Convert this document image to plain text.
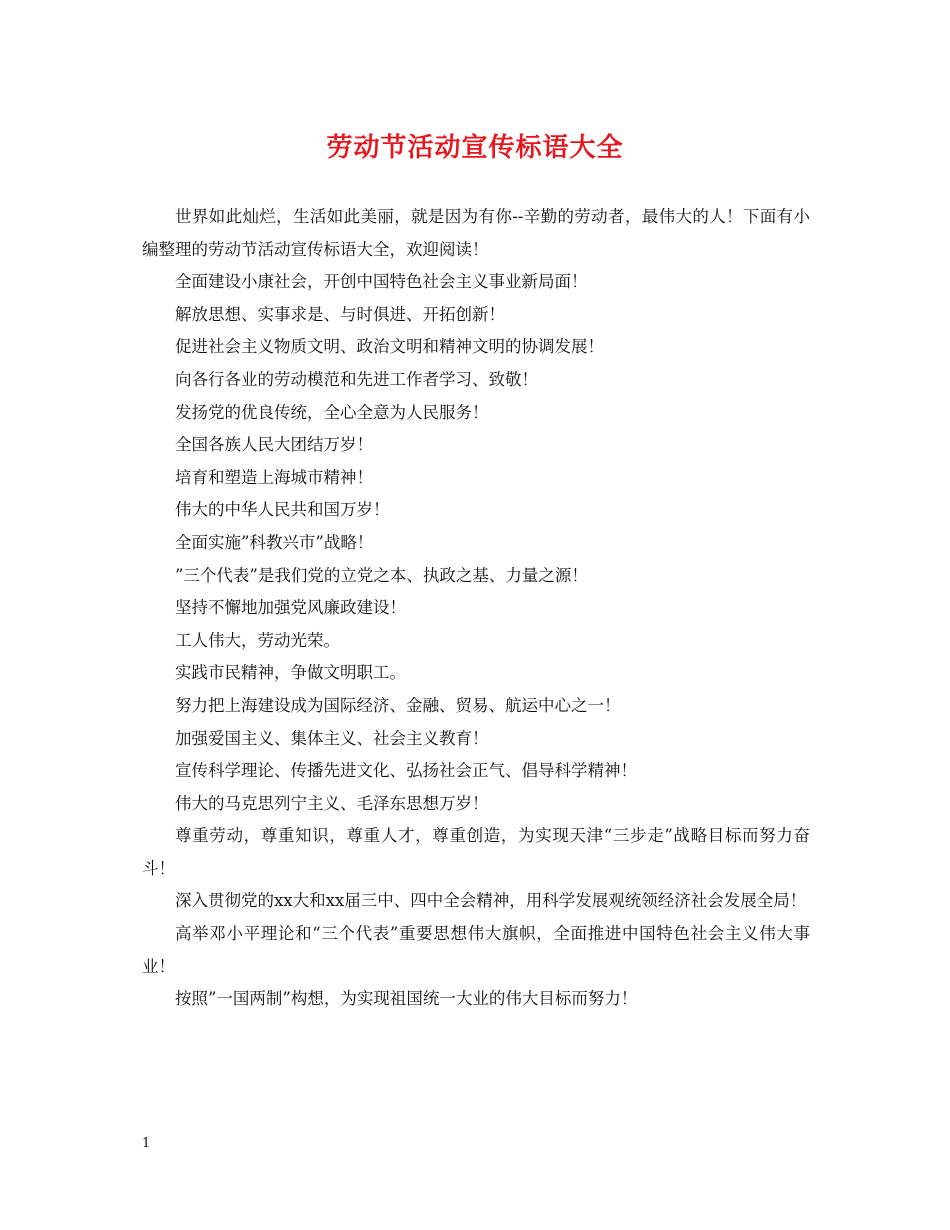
劳动节活动宣传标语大全

世界如此灿烂，生活如此美丽，就是因为有你--辛勤的劳动者，最伟大的人！下面有小编整理的劳动节活动宣传标语大全，欢迎阅读！

全面建设小康社会，开创中国特色社会主义事业新局面！

解放思想、实事求是、与时俱进、开拓创新！

促进社会主义物质文明、政治文明和精神文明的协调发展！

向各行各业的劳动模范和先进工作者学习、致敬！

发扬党的优良传统，全心全意为人民服务！

全国各族人民大团结万岁！

培育和塑造上海城市精神！

伟大的中华人民共和国万岁！

全面实施”科教兴市”战略！

”三个代表”是我们党的立党之本、执政之基、力量之源！

坚持不懈地加强党风廉政建设！

工人伟大，劳动光荣。

实践市民精神，争做文明职工。

努力把上海建设成为国际经济、金融、贸易、航运中心之一！

加强爱国主义、集体主义、社会主义教育！

宣传科学理论、传播先进文化、弘扬社会正气、倡导科学精神！

伟大的马克思列宁主义、毛泽东思想万岁！

尊重劳动，尊重知识，尊重人才，尊重创造，为实现天津“三步走”战略目标而努力奋斗！

深入贯彻党的xx大和xx届三中、四中全会精神，用科学发展观统领经济社会发展全局！

高举邓小平理论和“三个代表”重要思想伟大旗帜，全面推进中国特色社会主义伟大事业！

按照”一国两制”构想，为实现祖国统一大业的伟大目标而努力！

1
